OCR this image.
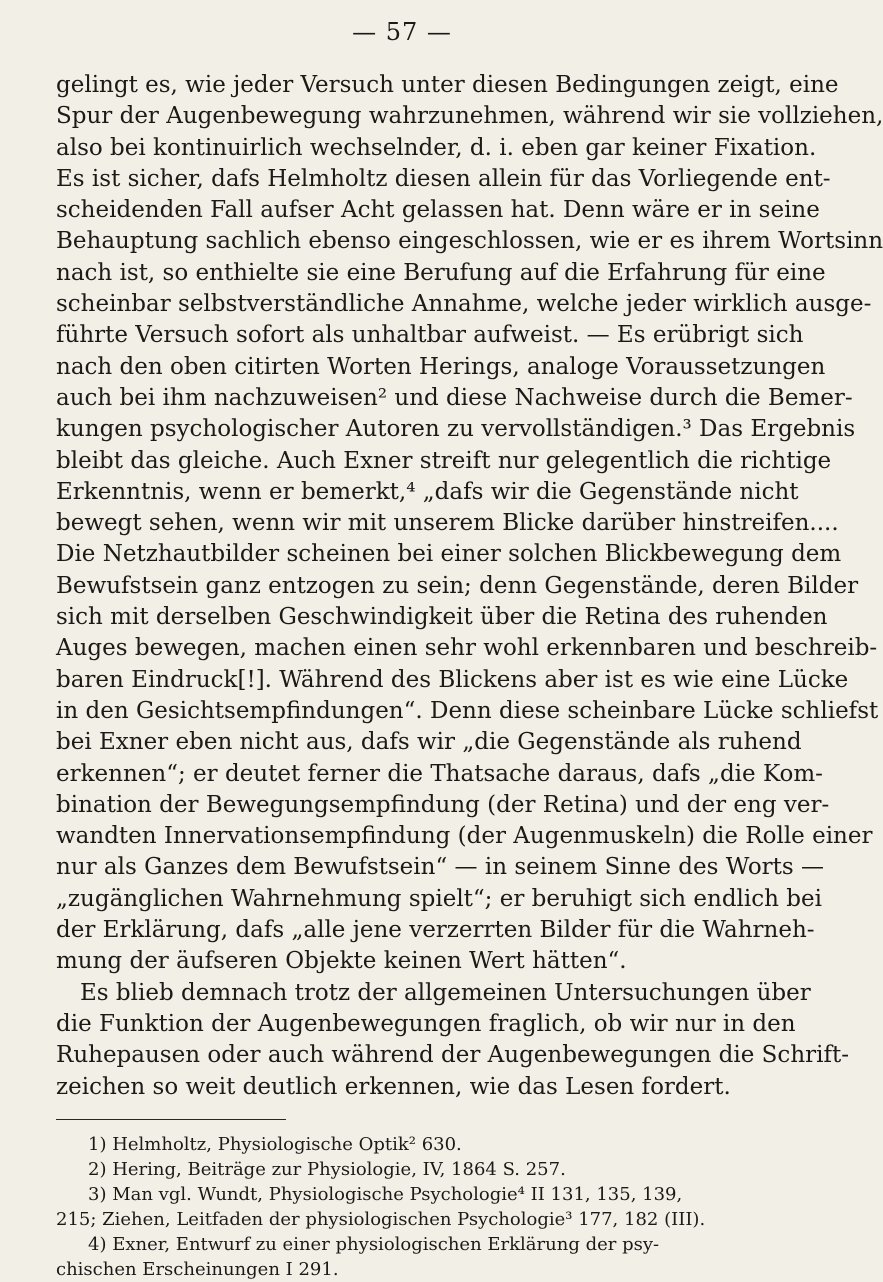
— 57 —
gelingt es, wie jeder Versuch unter diesen Bedingungen zeigt, eine
Spur der Augenbewegung wahrzunehmen, während wir sie vollziehen,
also bei kontinuirlich wechselnder, d. i. eben gar keiner Fixation.
Es ist sicher, dafs Helmholtz diesen allein für das Vorliegende ent-
scheidenden Fall aufser Acht gelassen hat. Denn wäre er in seine
Behauptung sachlich ebenso eingeschlossen, wie er es ihrem Wortsinn
nach ist, so enthielte sie eine Berufung auf die Erfahrung für eine
scheinbar selbstverständliche Annahme, welche jeder wirklich ausge-
führte Versuch sofort als unhaltbar aufweist. — Es erübrigt sich
nach den oben citirten Worten Herings, analoge Voraussetzungen
auch bei ihm nachzuweisen² und diese Nachweise durch die Bemer-
kungen psychologischer Autoren zu vervollständigen.³ Das Ergebnis
bleibt das gleiche. Auch Exner streift nur gelegentlich die richtige
Erkenntnis, wenn er bemerkt,⁴ „dafs wir die Gegenstände nicht
bewegt sehen, wenn wir mit unserem Blicke darüber hinstreifen....
Die Netzhautbilder scheinen bei einer solchen Blickbewegung dem
Bewufstsein ganz entzogen zu sein; denn Gegenstände, deren Bilder
sich mit derselben Geschwindigkeit über die Retina des ruhenden
Auges bewegen, machen einen sehr wohl erkennbaren und beschreib-
baren Eindruck[!]. Während des Blickens aber ist es wie eine Lücke
in den Gesichtsempfindungen“. Denn diese scheinbare Lücke schliefst
bei Exner eben nicht aus, dafs wir „die Gegenstände als ruhend
erkennen“; er deutet ferner die Thatsache daraus, dafs „die Kom-
bination der Bewegungsempfindung (der Retina) und der eng ver-
wandten Innervationsempfindung (der Augenmuskeln) die Rolle einer
nur als Ganzes dem Bewufstsein“ — in seinem Sinne des Worts —
„zugänglichen Wahrnehmung spielt“; er beruhigt sich endlich bei
der Erklärung, dafs „alle jene verzerrten Bilder für die Wahrneh-
mung der äufseren Objekte keinen Wert hätten“.
Es blieb demnach trotz der allgemeinen Untersuchungen über
die Funktion der Augenbewegungen fraglich, ob wir nur in den
Ruhepausen oder auch während der Augenbewegungen die Schrift-
zeichen so weit deutlich erkennen, wie das Lesen fordert.
1) Helmholtz, Physiologische Optik² 630.
2) Hering, Beiträge zur Physiologie, IV, 1864 S. 257.
3) Man vgl. Wundt, Physiologische Psychologie⁴ II 131, 135, 139,
215; Ziehen, Leitfaden der physiologischen Psychologie³ 177, 182 (III).
4) Exner, Entwurf zu einer physiologischen Erklärung der psy-
chischen Erscheinungen I 291.
